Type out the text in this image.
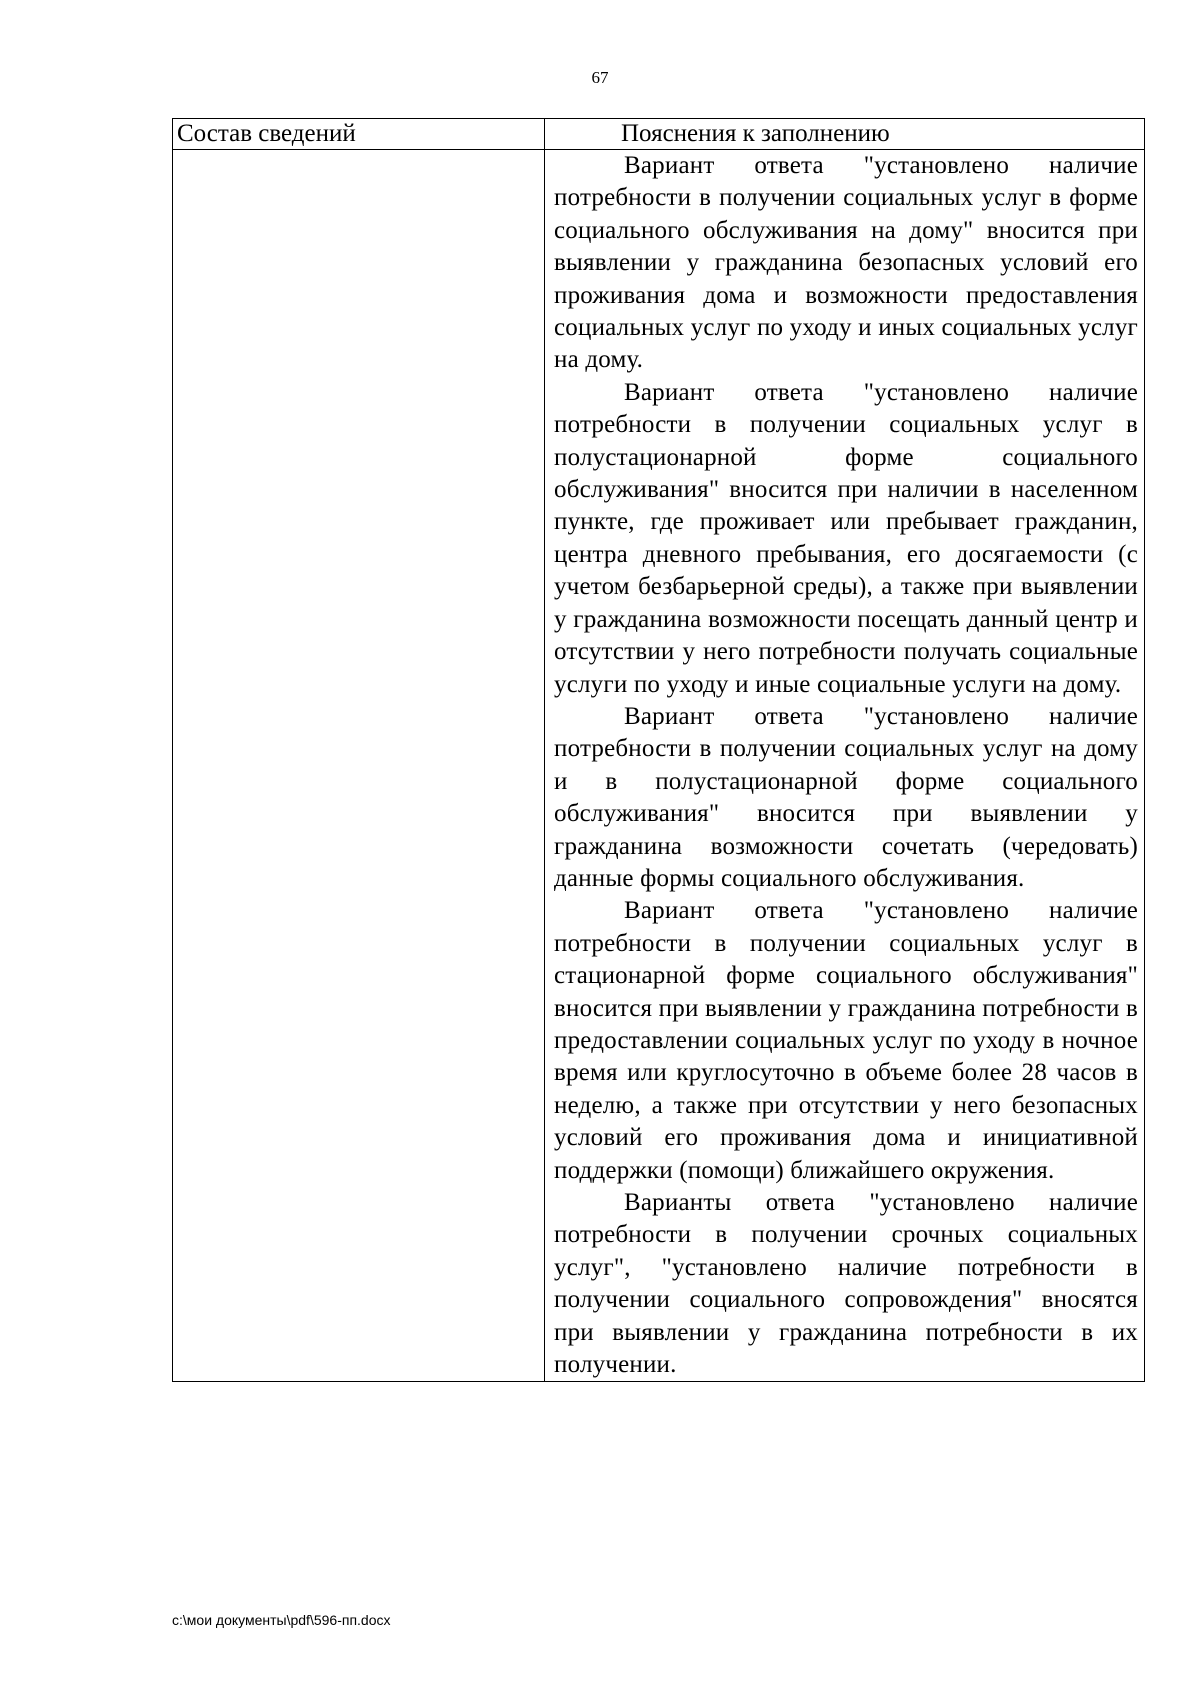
67
Состав сведений	Пояснения к заполнению

	Вариант ответа "установлено наличие потребности в получении социальных услуг в форме социального обслуживания на дому" вносится при выявлении у гражданина безопасных условий его проживания дома и возможности предоставления социальных услуг по уходу и иных социальных услуг на дому.

Вариант ответа "установлено наличие потребности в получении социальных услуг в полустационарной форме социального обслуживания" вносится при наличии в населенном пункте, где проживает или пребывает гражданин, центра дневного пребывания, его досягаемости (с учетом безбарьерной среды), а также при выявлении у гражданина возможности посещать данный центр и отсутствии у него потребности получать социальные услуги по уходу и иные социальные услуги на дому.

Вариант ответа "установлено наличие потребности в получении социальных услуг на дому и в полустационарной форме социального обслуживания" вносится при выявлении у гражданина возможности сочетать (чередовать) данные формы социального обслуживания.

Вариант ответа "установлено наличие потребности в получении социальных услуг в стационарной форме социального обслуживания" вносится при выявлении у гражданина потребности в предоставлении социальных услуг по уходу в ночное время или круглосуточно в объеме более 28 часов в неделю, а также при отсутствии у него безопасных условий его проживания дома и инициативной поддержки (помощи) ближайшего окружения.

Варианты ответа "установлено наличие потребности в получении срочных социальных услуг", "установлено наличие потребности в получении социального сопровождения" вносятся при выявлении у гражданина потребности в их получении.

c:\мои документы\pdf\596-пп.docx
